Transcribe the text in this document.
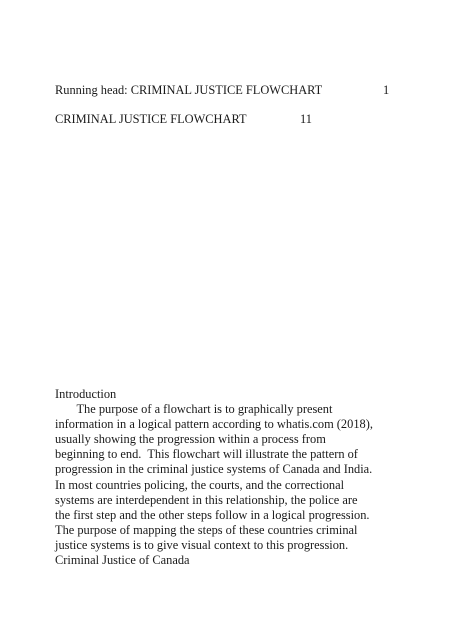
Running head: CRIMINAL JUSTICE FLOWCHART	1
CRIMINAL JUSTICE FLOWCHART	11

Introduction

The purpose of a flowchart is to graphically present

information in a logical pattern according to whatis.com (2018),

usually showing the progression within a process from

beginning to end.  This flowchart will illustrate the pattern of

progression in the criminal justice systems of Canada and India.

In most countries policing, the courts, and the correctional

systems are interdependent in this relationship, the police are

the first step and the other steps follow in a logical progression.

The purpose of mapping the steps of these countries criminal

justice systems is to give visual context to this progression.

Criminal Justice of Canada
